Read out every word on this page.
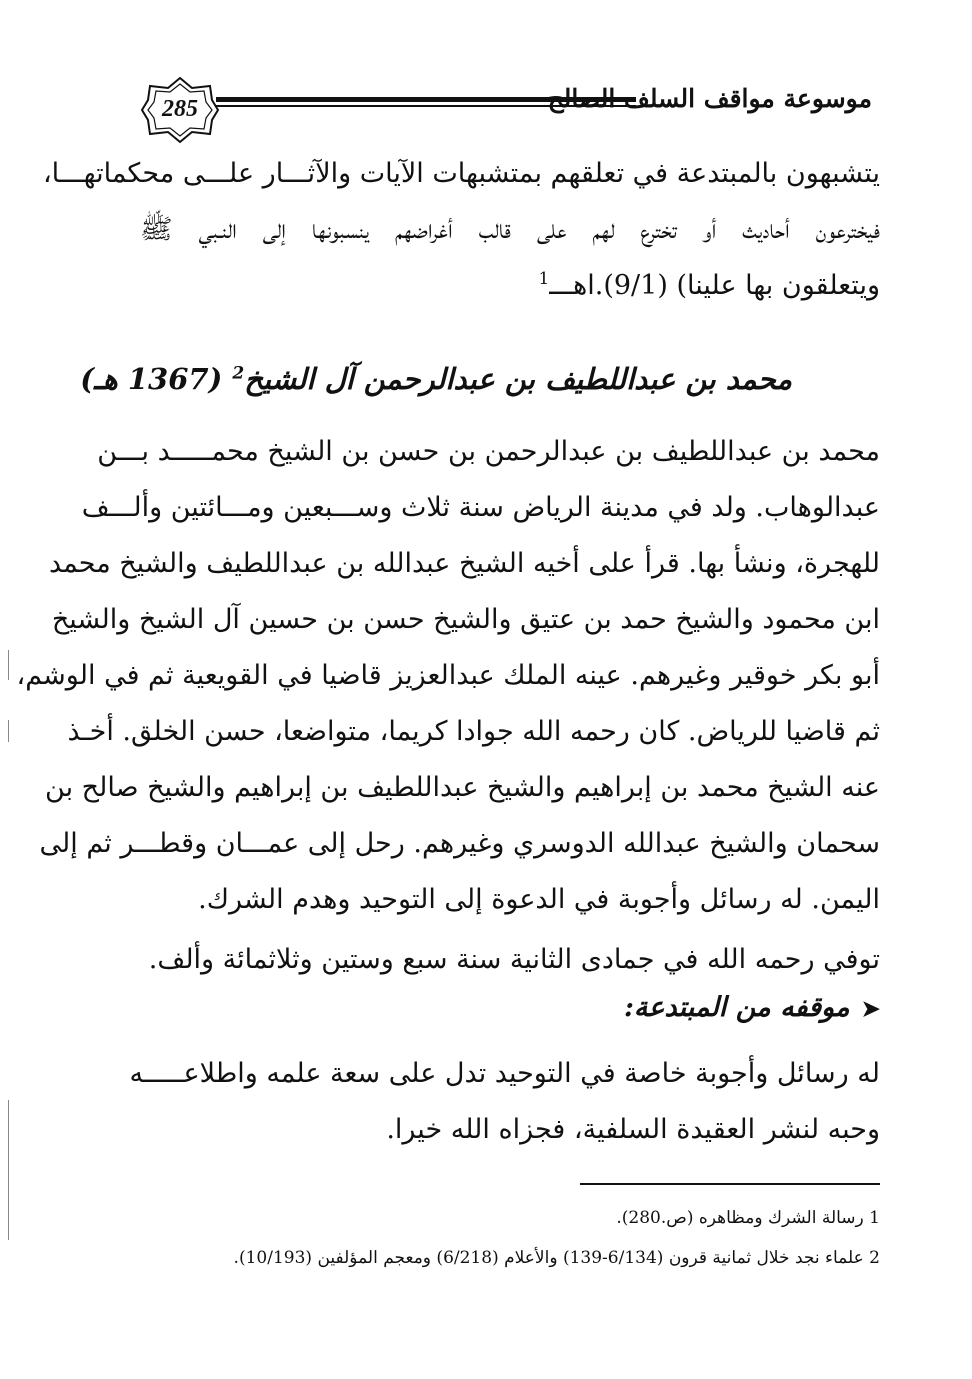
285	موسوعة مواقف السلف الصالح
يتشبهون بالمبتدعة في تعلقهم بمتشبهات الآيات والآثـــار علـــى محكماتهـــا،
فيخترعون أحاديث أو تخترع لهم على قالب أغراضهم ينسبونها إلى النـبي ﷺ
ويتعلقون بها علينا) (9/1).اهـــ$^1$
محمد بن عبداللطيف بن عبدالرحمن آل الشيخ$^2$ (1367 هـ)
محمد بن عبداللطيف بن عبدالرحمن بن حسن بن الشيخ محمـــــد بـــن
عبدالوهاب. ولد في مدينة الرياض سنة ثلاث وســـبعين ومـــائتين وألـــف
للهجرة، ونشأ بها. قرأ على أخيه الشيخ عبدالله بن عبداللطيف والشيخ محمد
ابن محمود والشيخ حمد بن عتيق والشيخ حسن بن حسين آل الشيخ والشيخ
أبو بكر خوقير وغيرهم. عينه الملك عبدالعزيز قاضيا في القويعية ثم في الوشم،
ثم قاضيا للرياض. كان رحمه الله جوادا كريما، متواضعا، حسن الخلق. أخـذ
عنه الشيخ محمد بن إبراهيم والشيخ عبداللطيف بن إبراهيم والشيخ صالح بن
سحمان والشيخ عبدالله الدوسري وغيرهم. رحل إلى عمـــان وقطـــر ثم إلى
اليمن. له رسائل وأجوبة في الدعوة إلى التوحيد وهدم الشرك.
توفي رحمه الله في جمادى الثانية سنة سبع وستين وثلاثمائة وألف.
➤موقفه من المبتدعة:
له رسائل وأجوبة خاصة في التوحيد تدل على سعة علمه واطلاعـــــه
وحبه لنشر العقيدة السلفية، فجزاه الله خيرا.
1 رسالة الشرك ومظاهره (ص.280).
2 علماء نجد خلال ثمانية قرون (6/134-139) والأعلام (6/218) ومعجم المؤلفين (10/193).
